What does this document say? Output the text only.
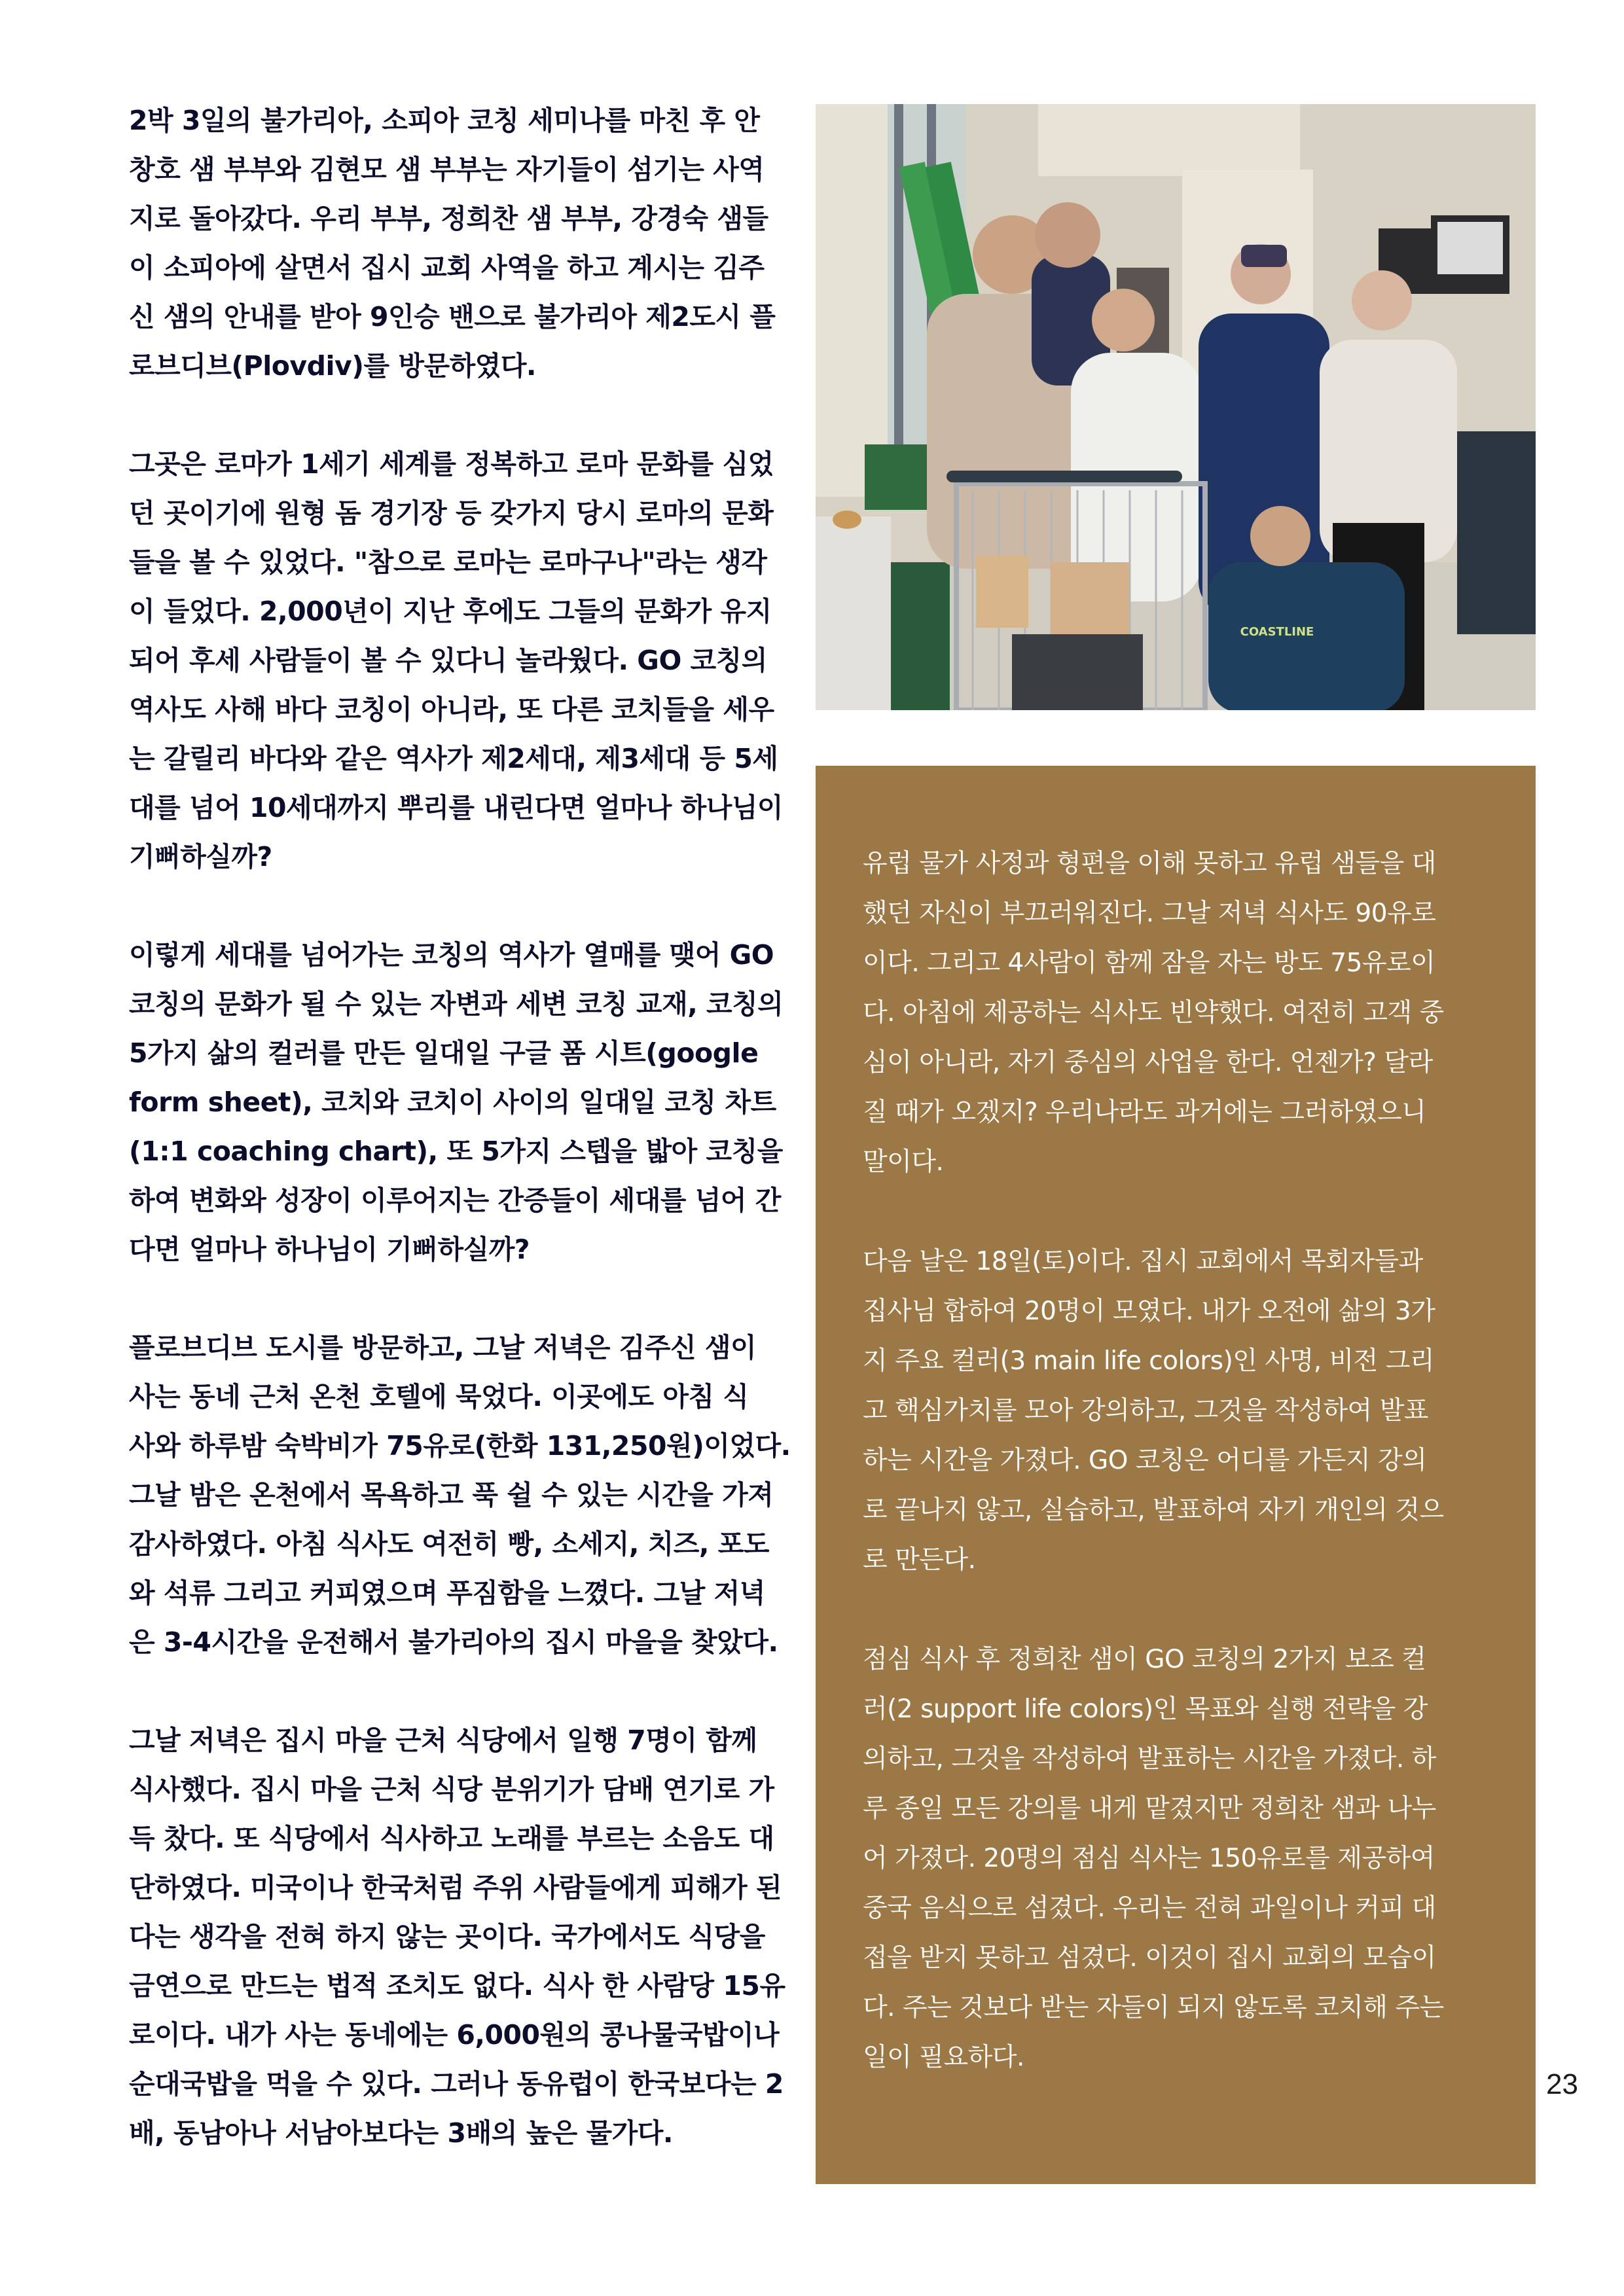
2박 3일의 불가리아, 소피아 코칭 세미나를 마친 후 안
창호 샘 부부와 김현모 샘 부부는 자기들이 섬기는 사역
지로 돌아갔다. 우리 부부, 정희찬 샘 부부, 강경숙 샘들
이 소피아에 살면서 집시 교회 사역을 하고 계시는 김주
신 샘의 안내를 받아 9인승 밴으로 불가리아 제2도시 플
로브디브(Plovdiv)를 방문하였다.
그곳은 로마가 1세기 세계를 정복하고 로마 문화를 심었
던 곳이기에 원형 돔 경기장 등 갖가지 당시 로마의 문화
들을 볼 수 있었다. "참으로 로마는 로마구나"라는 생각
이 들었다. 2,000년이 지난 후에도 그들의 문화가 유지
되어 후세 사람들이 볼 수 있다니 놀라웠다. GO 코칭의
역사도 사해 바다 코칭이 아니라, 또 다른 코치들을 세우
는 갈릴리 바다와 같은 역사가 제2세대, 제3세대 등 5세
대를 넘어 10세대까지 뿌리를 내린다면 얼마나 하나님이
기뻐하실까?
이렇게 세대를 넘어가는 코칭의 역사가 열매를 맺어 GO
코칭의 문화가 될 수 있는 자변과 세변 코칭 교재, 코칭의
5가지 삶의 컬러를 만든 일대일 구글 폼 시트(google
form sheet), 코치와 코치이 사이의 일대일 코칭 차트
(1:1 coaching chart), 또 5가지 스텝을 밟아 코칭을
하여 변화와 성장이 이루어지는 간증들이 세대를 넘어 간
다면 얼마나 하나님이 기뻐하실까?
플로브디브 도시를 방문하고, 그날 저녁은 김주신 샘이
사는 동네 근처 온천 호텔에 묵었다. 이곳에도 아침 식
사와 하루밤 숙박비가 75유로(한화 131,250원)이었다.
그날 밤은 온천에서 목욕하고 푹 쉴 수 있는 시간을 가져
감사하였다. 아침 식사도 여전히 빵, 소세지, 치즈, 포도
와 석류 그리고 커피였으며 푸짐함을 느꼈다. 그날 저녁
은 3-4시간을 운전해서 불가리아의 집시 마을을 찾았다.
그날 저녁은 집시 마을 근처 식당에서 일행 7명이 함께
식사했다. 집시 마을 근처 식당 분위기가 담배 연기로 가
득 찼다. 또 식당에서 식사하고 노래를 부르는 소음도 대
단하였다. 미국이나 한국처럼 주위 사람들에게 피해가 된
다는 생각을 전혀 하지 않는 곳이다. 국가에서도 식당을
금연으로 만드는 법적 조치도 없다. 식사 한 사람당 15유
로이다. 내가 사는 동네에는 6,000원의 콩나물국밥이나
순대국밥을 먹을 수 있다. 그러나 동유럽이 한국보다는 2
배, 동남아나 서남아보다는 3배의 높은 물가다.
COASTLINE
유럽 물가 사정과 형편을 이해 못하고 유럽 샘들을 대
했던 자신이 부끄러워진다. 그날 저녁 식사도 90유로
이다. 그리고 4사람이 함께 잠을 자는 방도 75유로이
다. 아침에 제공하는 식사도 빈약했다. 여전히 고객 중
심이 아니라, 자기 중심의 사업을 한다. 언젠가? 달라
질 때가 오겠지? 우리나라도 과거에는 그러하였으니
말이다.
다음 날은 18일(토)이다. 집시 교회에서 목회자들과
집사님 합하여 20명이 모였다. 내가 오전에 삶의 3가
지 주요 컬러(3 main life colors)인 사명, 비전 그리
고 핵심가치를 모아 강의하고, 그것을 작성하여 발표
하는 시간을 가졌다. GO 코칭은 어디를 가든지 강의
로 끝나지 않고, 실습하고, 발표하여 자기 개인의 것으
로 만든다.
점심 식사 후 정희찬 샘이 GO 코칭의 2가지 보조 컬
러(2 support life colors)인 목표와 실행 전략을 강
의하고, 그것을 작성하여 발표하는 시간을 가졌다. 하
루 종일 모든 강의를 내게 맡겼지만 정희찬 샘과 나누
어 가졌다. 20명의 점심 식사는 150유로를 제공하여
중국 음식으로 섬겼다. 우리는 전혀 과일이나 커피 대
접을 받지 못하고 섬겼다. 이것이 집시 교회의 모습이
다. 주는 것보다 받는 자들이 되지 않도록 코치해 주는
일이 필요하다.
23
